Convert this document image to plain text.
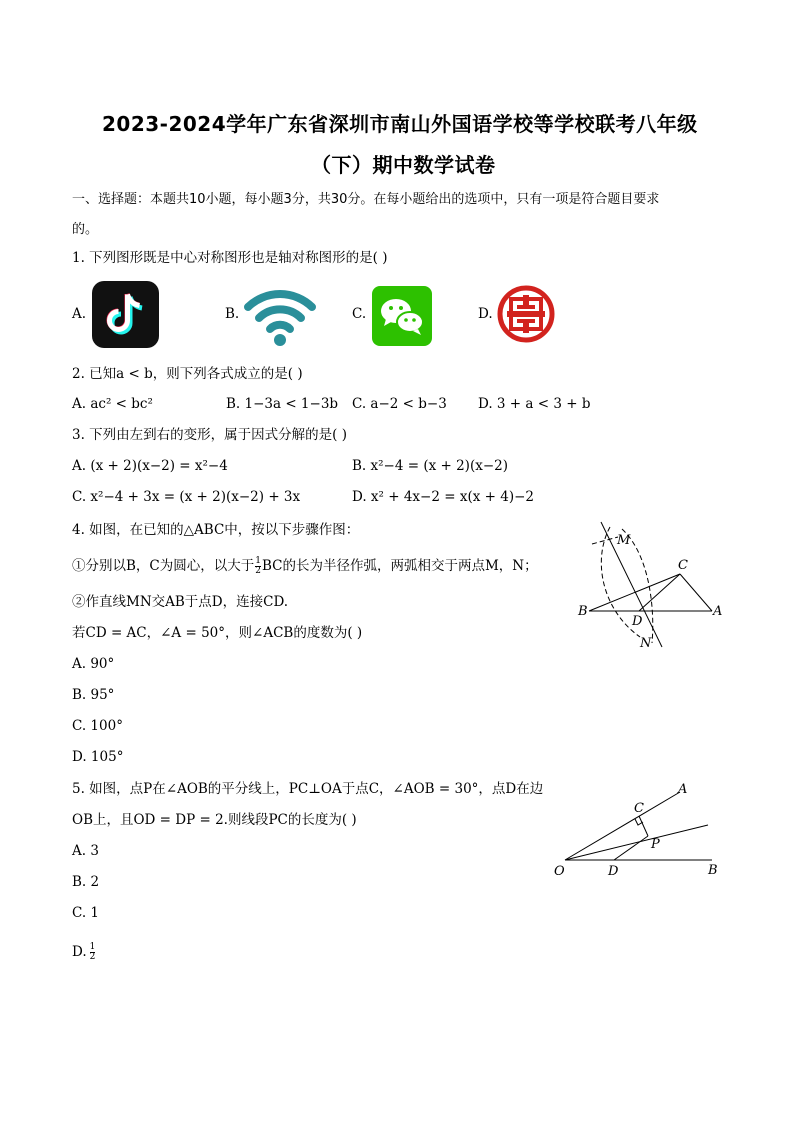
2023-2024学年广东省深圳市南山外国语学校等学校联考八年级
（下）期中数学试卷
一、选择题：本题共10小题，每小题3分，共30分。在每小题给出的选项中，只有一项是符合题目要求
的。
1. 下列图形既是中心对称图形也是轴对称图形的是( )
A.	B.	C.	D.
2. 已知a < b，则下列各式成立的是( )
A. ac² < bc²	B. 1−3a < 1−3b C. a−2 < b−3 D. 3 + a < 3 + b
3. 下列由左到右的变形，属于因式分解的是( )
A. (x + 2)(x−2) = x²−4	B. x²−4 = (x + 2)(x−2)
C. x²−4 + 3x = (x + 2)(x−2) + 3x	D. x² + 4x−2 = x(x + 4)−2
4. 如图，在已知的△ABC中，按以下步骤作图：
①分别以B，C为圆心，以大于 $\frac{1}{2}$ BC的长为半径作弧，两弧相交于两点M，N；
②作直线MN交AB于点D，连接CD.
若CD = AC，∠A = 50°，则∠ACB的度数为( )
A. 90°
B. 95°
C. 100°
D. 105°
M
N
B
C
A
D
5. 如图，点P在∠AOB的平分线上，PC⊥OA于点C，∠AOB = 30°，点D在边
OB上，且OD = DP = 2.则线段PC的长度为( )
A. 3
B. 2
C. 1
D. $\frac{1}{2}$
A
C
P
O	D	B
